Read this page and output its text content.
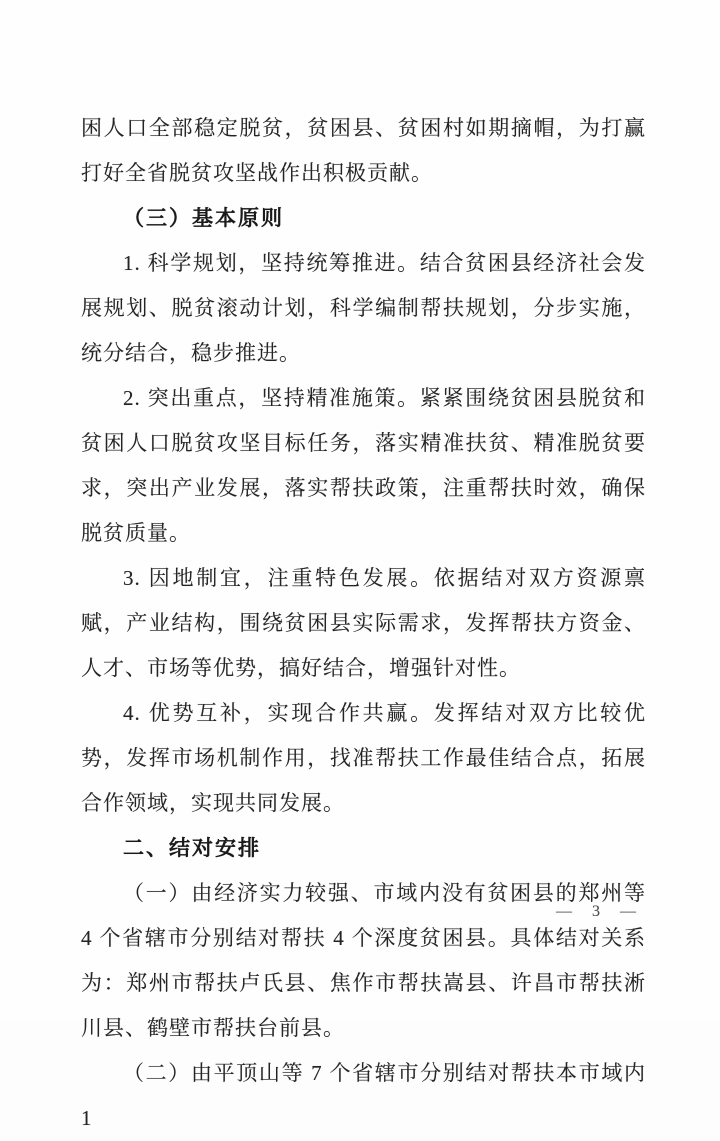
困人口全部稳定脱贫，贫困县、贫困村如期摘帽，为打赢打好全省脱贫攻坚战作出积极贡献。

（三）基本原则

1. 科学规划，坚持统筹推进。结合贫困县经济社会发展规划、脱贫滚动计划，科学编制帮扶规划，分步实施，统分结合，稳步推进。

2. 突出重点，坚持精准施策。紧紧围绕贫困县脱贫和贫困人口脱贫攻坚目标任务，落实精准扶贫、精准脱贫要求，突出产业发展，落实帮扶政策，注重帮扶时效，确保脱贫质量。

3. 因地制宜，注重特色发展。依据结对双方资源禀赋，产业结构，围绕贫困县实际需求，发挥帮扶方资金、人才、市场等优势，搞好结合，增强针对性。

4. 优势互补，实现合作共赢。发挥结对双方比较优势，发挥市场机制作用，找准帮扶工作最佳结合点，拓展合作领域，实现共同发展。

二、结对安排

（一）由经济实力较强、市域内没有贫困县的郑州等 4 个省辖市分别结对帮扶 4 个深度贫困县。具体结对关系为：郑州市帮扶卢氏县、焦作市帮扶嵩县、许昌市帮扶淅川县、鹤壁市帮扶台前县。

（二）由平顶山等 7 个省辖市分别结对帮扶本市域内 1

— 3 —
